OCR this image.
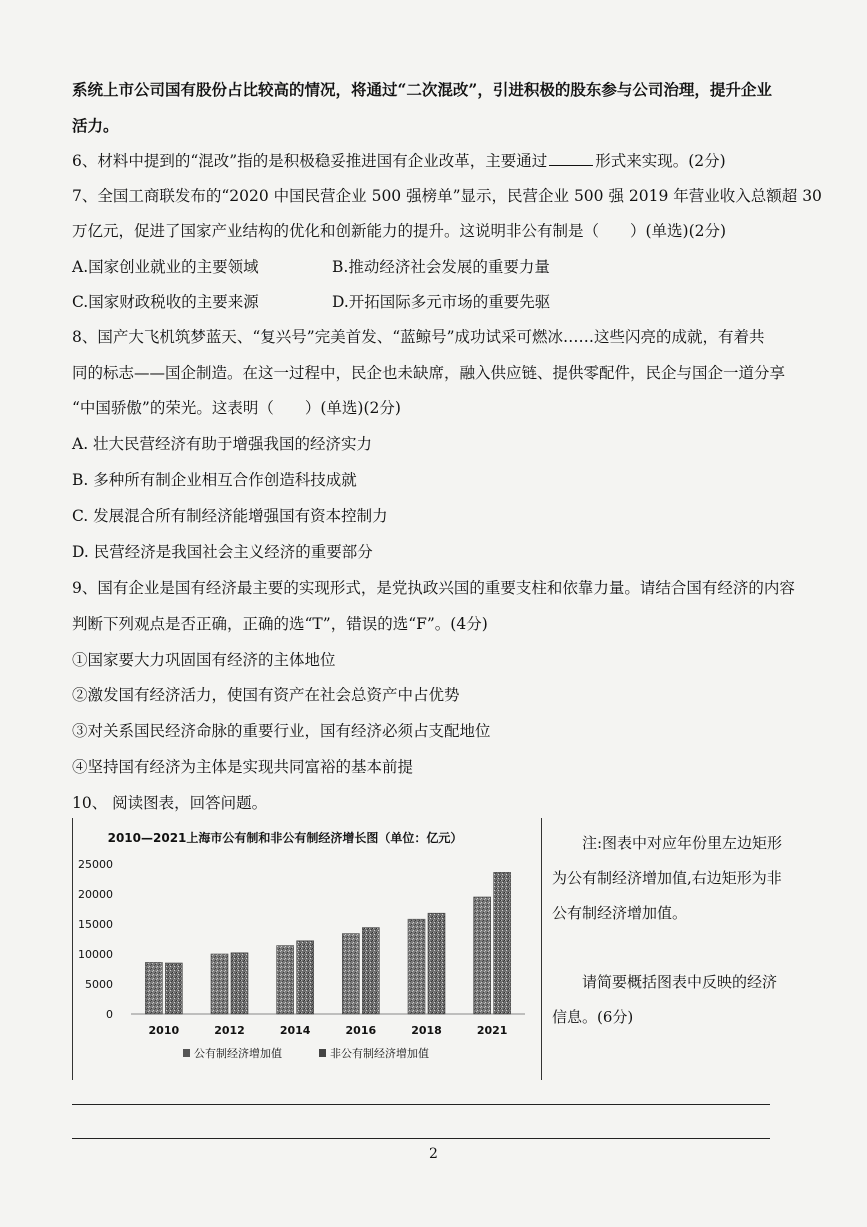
系统上市公司国有股份占比较高的情况，将通过“二次混改”，引进积极的股东参与公司治理，提升企业
活力。
6、材料中提到的“混改”指的是积极稳妥推进国有企业改革，主要通过	形式来实现。(2分)
7、全国工商联发布的“2020 中国民营企业 500 强榜单”显示，民营企业 500 强 2019 年营业收入总额超 30
万亿元，促进了国家产业结构的优化和创新能力的提升。这说明非公有制是（　　）(单选)(2分)
A.国家创业就业的主要领域	B.推动经济社会发展的重要力量
C.国家财政税收的主要来源	D.开拓国际多元市场的重要先驱
8、国产大飞机筑梦蓝天、“复兴号”完美首发、“蓝鲸号”成功试采可燃冰……这些闪亮的成就，有着共
同的标志——国企制造。在这一过程中，民企也未缺席，融入供应链、提供零配件，民企与国企一道分享
“中国骄傲”的荣光。这表明（　　）(单选)(2分)
A. 壮大民营经济有助于增强我国的经济实力
B. 多种所有制企业相互合作创造科技成就
C. 发展混合所有制经济能增强国有资本控制力
D. 民营经济是我国社会主义经济的重要部分
9、国有企业是国有经济最主要的实现形式，是党执政兴国的重要支柱和依靠力量。请结合国有经济的内容
判断下列观点是否正确，正确的选“T”，错误的选“F”。(4分)
①国家要大力巩固国有经济的主体地位
②激发国有经济活力，使国有资产在社会总资产中占优势
③对关系国民经济命脉的重要行业，国有经济必须占支配地位
④坚持国有经济为主体是实现共同富裕的基本前提
10、 阅读图表，回答问题。
2010—2021上海市公有制和非公有制经济增长图（单位：亿元）
0
5000
10000
15000
20000
25000
2010	2012	2014	2016	2018	2021
公有制经济增加值	非公有制经济增加值
注:图表中对应年份里左边矩形为公有制经济增加值,右边矩形为非公有制经济增加值。
请简要概括图表中反映的经济信息。(6分)
2
